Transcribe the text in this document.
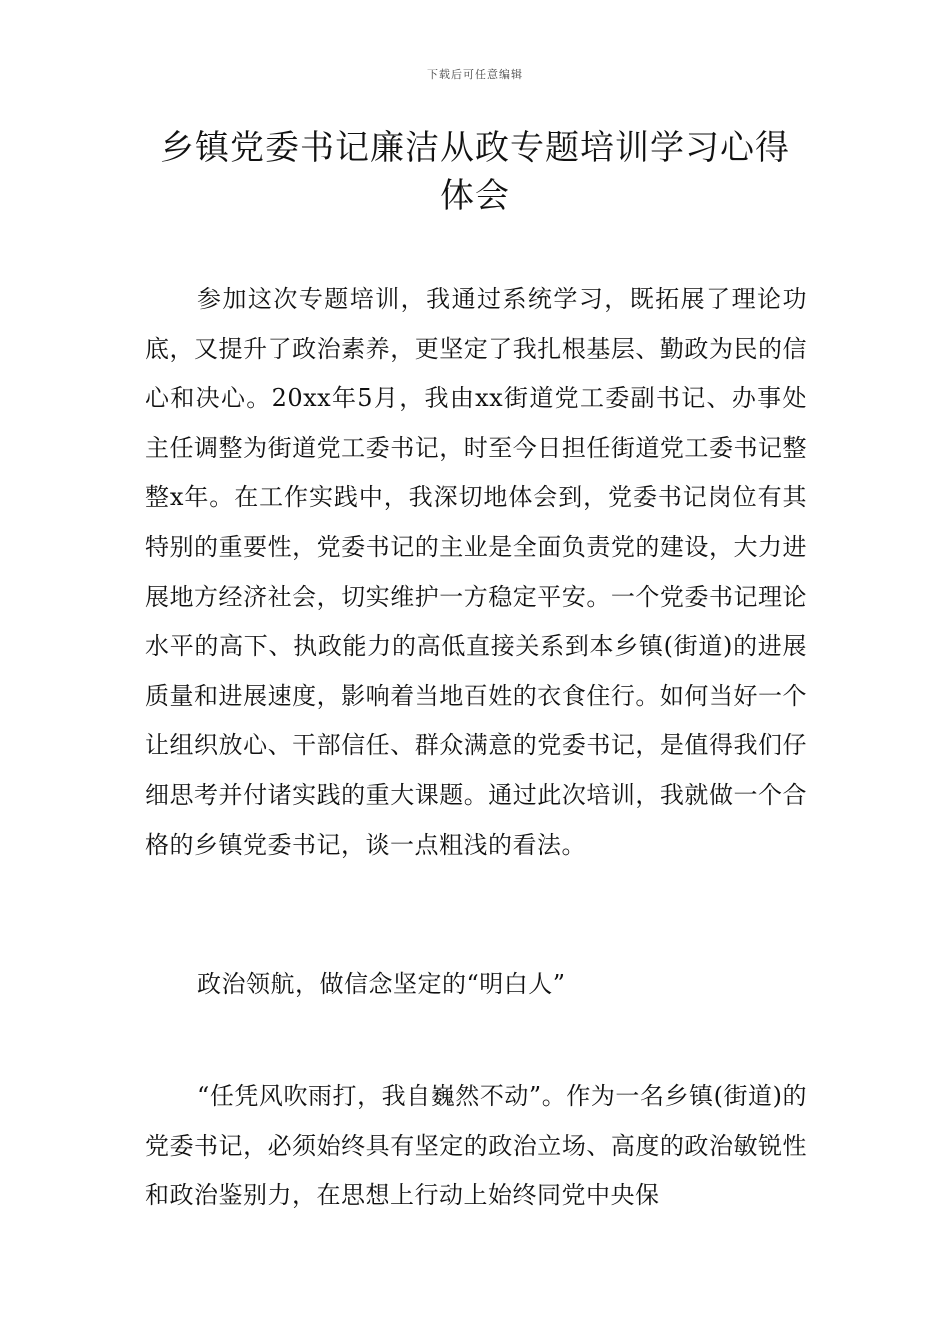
下载后可任意编辑
乡镇党委书记廉洁从政专题培训学习心得体会
参加这次专题培训，我通过系统学习，既拓展了理论功底，又提升了政治素养，更坚定了我扎根基层、勤政为民的信心和决心。20xx年5月，我由xx街道党工委副书记、办事处主任调整为街道党工委书记，时至今日担任街道党工委书记整整x年。在工作实践中，我深切地体会到，党委书记岗位有其特别的重要性，党委书记的主业是全面负责党的建设，大力进展地方经济社会，切实维护一方稳定平安。一个党委书记理论水平的高下、执政能力的高低直接关系到本乡镇(街道)的进展质量和进展速度，影响着当地百姓的衣食住行。如何当好一个让组织放心、干部信任、群众满意的党委书记，是值得我们仔细思考并付诸实践的重大课题。通过此次培训，我就做一个合格的乡镇党委书记，谈一点粗浅的看法。
政治领航，做信念坚定的“明白人”
“任凭风吹雨打，我自巍然不动”。作为一名乡镇(街道)的党委书记，必须始终具有坚定的政治立场、高度的政治敏锐性和政治鉴别力，在思想上行动上始终同党中央保
